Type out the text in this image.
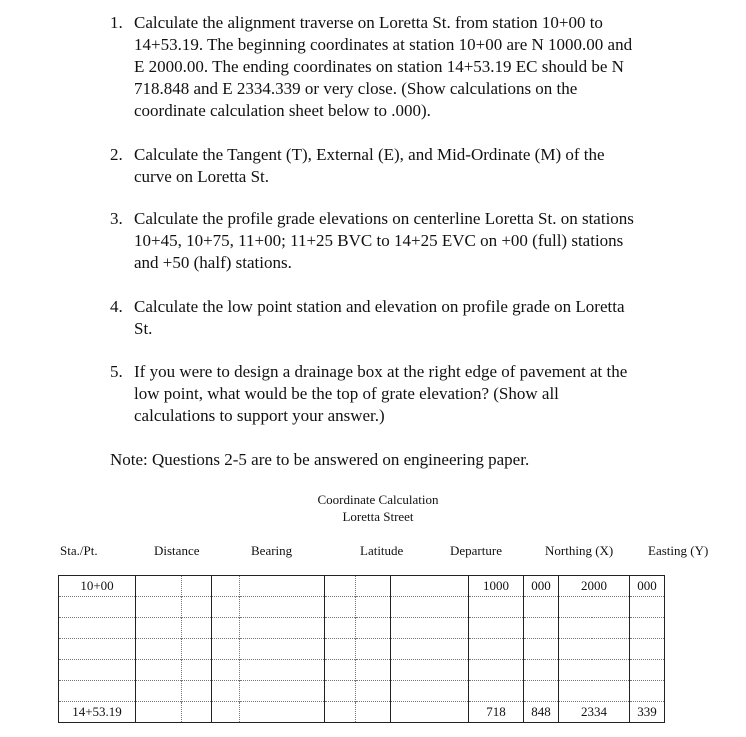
1. Calculate the alignment traverse on Loretta St. from station 10+00 to
14+53.19. The beginning coordinates at station 10+00 are N 1000.00 and
E 2000.00. The ending coordinates on station 14+53.19 EC should be N
718.848 and E 2334.339 or very close. (Show calculations on the
coordinate calculation sheet below to .000).
2. Calculate the Tangent (T), External (E), and Mid-Ordinate (M) of the
curve on Loretta St.
3. Calculate the profile grade elevations on centerline Loretta St. on stations
10+45, 10+75, 11+00; 11+25 BVC to 14+25 EVC on +00 (full) stations
and +50 (half) stations.
4. Calculate the low point station and elevation on profile grade on Loretta
St.
5. If you were to design a drainage box at the right edge of pavement at the
low point, what would be the top of grate elevation? (Show all
calculations to support your answer.)
Note: Questions 2-5 are to be answered on engineering paper.
Coordinate Calculation
Loretta Street
Sta./Pt.	Distance	Bearing	Latitude	Departure	Northing (X)	Easting (Y)
10+00								1000	000	2000	000

14+53.19								718	848	2334	339
